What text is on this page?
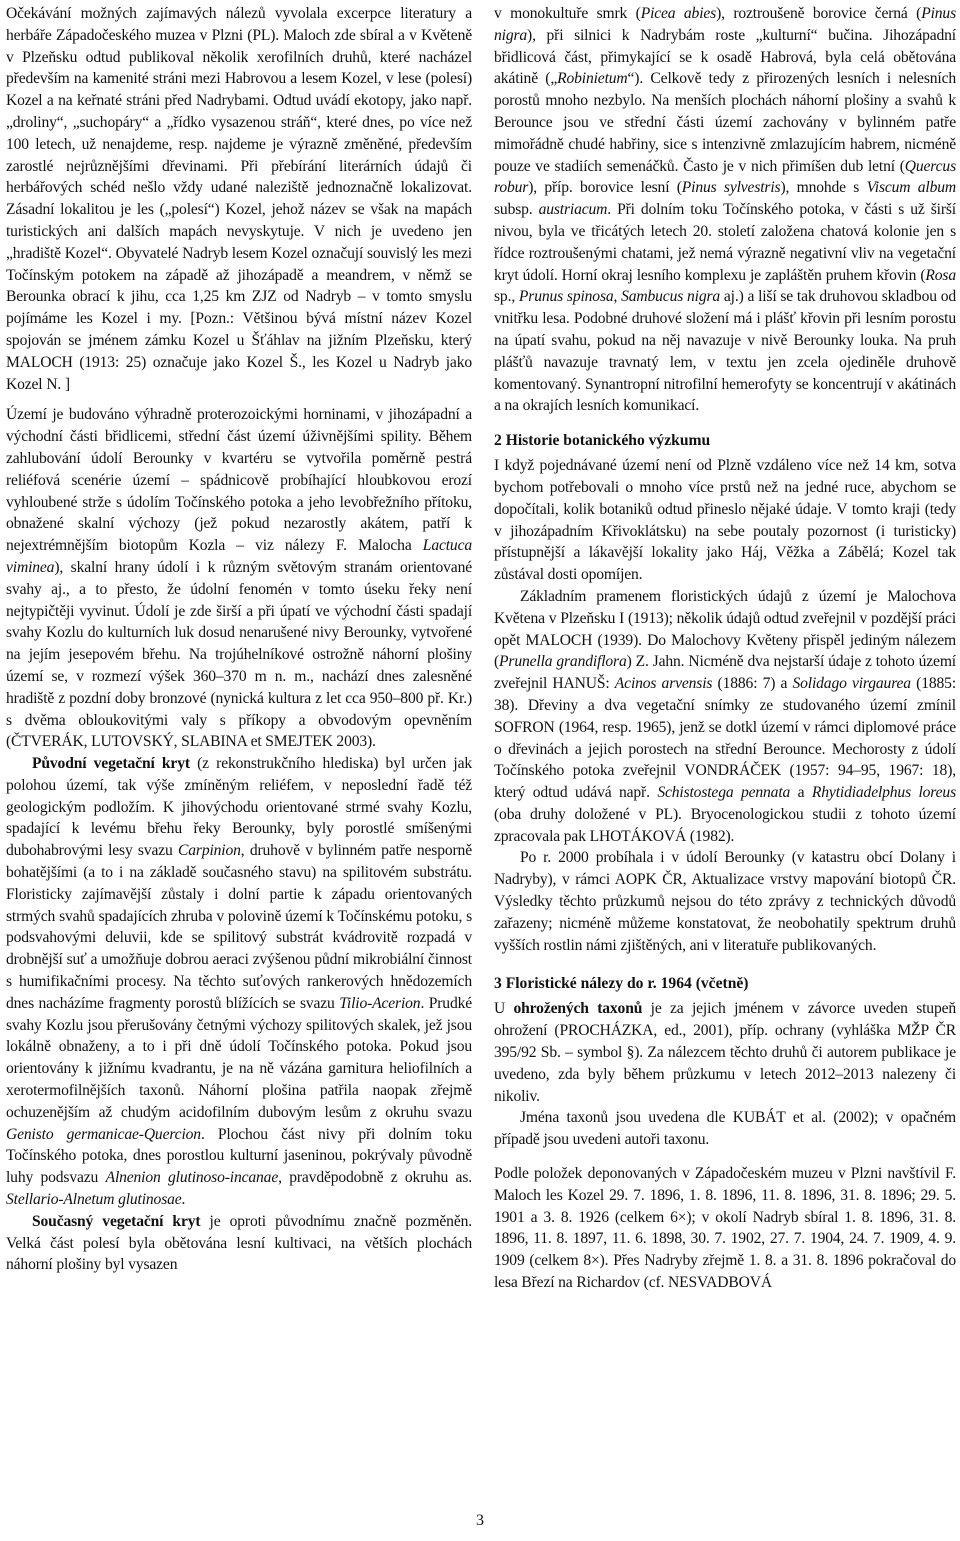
Očekávání možných zajímavých nálezů vyvolala excerpce literatury a herbáře Západočeského muzea v Plzni (PL). Maloch zde sbíral a v Květeně v Plzeňsku odtud publikoval několik xerofilních druhů, které nacházel především na kamenité stráni mezi Habrovou a lesem Kozel, v lese (polesí) Kozel a na keřnaté stráni před Nadrybami. Odtud uvádí ekotopy, jako např. „droliny“, „suchopáry“ a „řídko vysazenou stráň“, které dnes, po více než 100 letech, už nenajdeme, resp. najdeme je výrazně změněné, především zarostlé nejrůznějšími dřevinami. Při přebírání literárních údajů či herbářových schéd nešlo vždy udané naleziště jednoznačně lokalizovat. Zásadní lokalitou je les („polesí“) Kozel, jehož název se však na mapách turistických ani dalších mapách nevyskytuje. V nich je uvedeno jen „hradiště Kozel“. Obyvatelé Nadryb lesem Kozel označují souvislý les mezi Točínským potokem na západě až jihozápadě a meandrem, v němž se Berounka obrací k jihu, cca 1,25 km ZJZ od Nadryb – v tomto smyslu pojímáme les Kozel i my. [Pozn.: Většinou bývá místní název Kozel spojován se jménem zámku Kozel u Šťáhlav na jižním Plzeňsku, který MALOCH (1913: 25) označuje jako Kozel Š., les Kozel u Nadryb jako Kozel N. ]

Území je budováno výhradně proterozoickými horninami, v jihozápadní a východní části břidlicemi, střední část území úživnějšími spility. Během zahlubování údolí Berounky v kvartéru se vytvořila poměrně pestrá reliéfová scenérie území – spádnicově probíhající hloubkovou erozí vyhloubené strže s údolím Točínského potoka a jeho levobřežního přítoku, obnažené skalní výchozy (jež pokud nezarostly akátem, patří k nejextrémnějším biotopům Kozla – viz nálezy F. Malocha Lactuca viminea), skalní hrany údolí i k různým světovým stranám orientované svahy aj., a to přesto, že údolní fenomén v tomto úseku řeky není nejtypičtěji vyvinut. Údolí je zde širší a při úpatí ve východní části spadají svahy Kozlu do kulturních luk dosud nenarušené nivy Berounky, vytvořené na jejím jesepovém břehu. Na trojúhelníkové ostrožně náhorní plošiny území se, v rozmezí výšek 360–370 m n. m., nachází dnes zalesněné hradiště z pozdní doby bronzové (nynická kultura z let cca 950–800 př. Kr.) s dvěma obloukovitými valy s příkopy a obvodovým opevněním (ČTVERÁK, LUTOVSKÝ, SLABINA et SMEJTEK 2003).

Původní vegetační kryt (z rekonstrukčního hlediska) byl určen jak polohou území, tak výše zmíněným reliéfem, v neposlední řadě též geologickým podložím. K jihovýchodu orientované strmé svahy Kozlu, spadající k levému břehu řeky Berounky, byly porostlé smíšenými dubohabrovými lesy svazu Carpinion, druhově v bylinném patře nesporně bohatějšími (a to i na základě současného stavu) na spilitovém substrátu. Floristicky zajímavější zůstaly i dolní partie k západu orientovaných strmých svahů spadajících zhruba v polovině území k Točínskému potoku, s podsvahovými deluvii, kde se spilitový substrát kvádrovitě rozpadá v drobnější suť a umožňuje dobrou aeraci zvýšenou půdní mikrobiální činnost s humifikačními procesy. Na těchto suťových rankerových hnědozemích dnes nacházíme fragmenty porostů blížících se svazu Tilio-Acerion. Prudké svahy Kozlu jsou přerušovány četnými výchozy spilitových skalek, jež jsou lokálně obnaženy, a to i při dně údolí Točínského potoka. Pokud jsou orientovány k jižnímu kvadrantu, je na ně vázána garnitura heliofilních a xerotermofilnějších taxonů. Náhorní plošina patřila naopak zřejmě ochuzenějším až chudým acidofilním dubovým lesům z okruhu svazu Genisto germanicae-Quercion. Plochou část nivy při dolním toku Točínského potoka, dnes porostlou kulturní jaseninou, pokrývaly původně luhy podsvazu Alnenion glutinoso-incanae, pravděpodobně z okruhu as. Stellario-Alnetum glutinosae.

Současný vegetační kryt je oproti původnímu značně pozměněn. Velká část polesí byla obětována lesní kultivaci, na větších plochách náhorní plošiny byl vysazen

v monokultuře smrk (Picea abies), roztroušeně borovice černá (Pinus nigra), při silnici k Nadrybám roste „kulturní“ bučina. Jihozápadní břidlicová část, přimykající se k osadě Habrová, byla celá obětována akátině („Robinietum“). Celkově tedy z přirozených lesních i nelesních porostů mnoho nezbylo. Na menších plochách náhorní plošiny a svahů k Berounce jsou ve střední části území zachovány v bylinném patře mimořádně chudé habřiny, sice s intenzivně zmlazujícím habrem, nicméně pouze ve stadiích semenáčků. Často je v nich přimíšen dub letní (Quercus robur), příp. borovice lesní (Pinus sylvestris), mnohde s Viscum album subsp. austriacum. Při dolním toku Točínského potoka, v části s už širší nivou, byla ve třicátých letech 20. století založena chatová kolonie jen s řídce roztroušenými chatami, jež nemá výrazně negativní vliv na vegetační kryt údolí. Horní okraj lesního komplexu je zapláštěn pruhem křovin (Rosa sp., Prunus spinosa, Sambucus nigra aj.) a liší se tak druhovou skladbou od vnitřku lesa. Podobné druhové složení má i plášť křovin při lesním porostu na úpatí svahu, pokud na něj navazuje v nivě Berounky louka. Na pruh plášťů navazuje travnatý lem, v textu jen zcela ojediněle druhově komentovaný. Synantropní nitrofilní hemerofyty se koncentrují v akátinách a na okrajích lesních komunikací.

2 Historie botanického výzkumu

I když pojednávané území není od Plzně vzdáleno více než 14 km, sotva bychom potřebovali o mnoho více prstů než na jedné ruce, abychom se dopočítali, kolik botaniků odtud přineslo nějaké údaje. V tomto kraji (tedy v jihozápadním Křivoklátsku) na sebe poutaly pozornost (i turisticky) přístupnější a lákavější lokality jako Háj, Věžka a Zábělá; Kozel tak zůstával dosti opomíjen.

Základním pramenem floristických údajů z území je Malochova Květena v Plzeňsku I (1913); několik údajů odtud zveřejnil v pozdější práci opět MALOCH (1939). Do Malochovy Květeny přispěl jediným nálezem (Prunella grandiflora) Z. Jahn. Nicméně dva nejstarší údaje z tohoto území zveřejnil HANUŠ: Acinos arvensis (1886: 7) a Solidago virgaurea (1885: 38). Dřeviny a dva vegetační snímky ze studovaného území zmínil SOFRON (1964, resp. 1965), jenž se dotkl území v rámci diplomové práce o dřevinách a jejich porostech na střední Berounce. Mechorosty z údolí Točínského potoka zveřejnil VONDRÁČEK (1957: 94–95, 1967: 18), který odtud udává např. Schistostega pennata a Rhytidiadelphus loreus (oba druhy doložené v PL). Bryocenologickou studii z tohoto území zpracovala pak LHOTÁKOVÁ (1982).

Po r. 2000 probíhala i v údolí Berounky (v katastru obcí Dolany i Nadryby), v rámci AOPK ČR, Aktualizace vrstvy mapování biotopů ČR. Výsledky těchto průzkumů nejsou do této zprávy z technických důvodů zařazeny; nicméně můžeme konstatovat, že neobohatily spektrum druhů vyšších rostlin námi zjištěných, ani v literatuře publikovaných.

3 Floristické nálezy do r. 1964 (včetně)

U ohrožených taxonů je za jejich jménem v závorce uveden stupeň ohrožení (PROCHÁZKA, ed., 2001), příp. ochrany (vyhláška MŽP ČR 395/92 Sb. – symbol §). Za nálezcem těchto druhů či autorem publikace je uvedeno, zda byly během průzkumu v letech 2012–2013 nalezeny či nikoliv.

Jména taxonů jsou uvedena dle KUBÁT et al. (2002); v opačném případě jsou uvedeni autoři taxonu.

Podle položek deponovaných v Západočeském muzeu v Plzni navštívil F. Maloch les Kozel 29. 7. 1896, 1. 8. 1896, 11. 8. 1896, 31. 8. 1896; 29. 5. 1901 a 3. 8. 1926 (celkem 6×); v okolí Nadryb sbíral 1. 8. 1896, 31. 8. 1896, 11. 8. 1897, 11. 6. 1898, 30. 7. 1902, 27. 7. 1904, 24. 7. 1909, 4. 9. 1909 (celkem 8×). Přes Nadryby zřejmě 1. 8. a 31. 8. 1896 pokračoval do lesa Březí na Richardov (cf. NESVADBOVÁ

3
